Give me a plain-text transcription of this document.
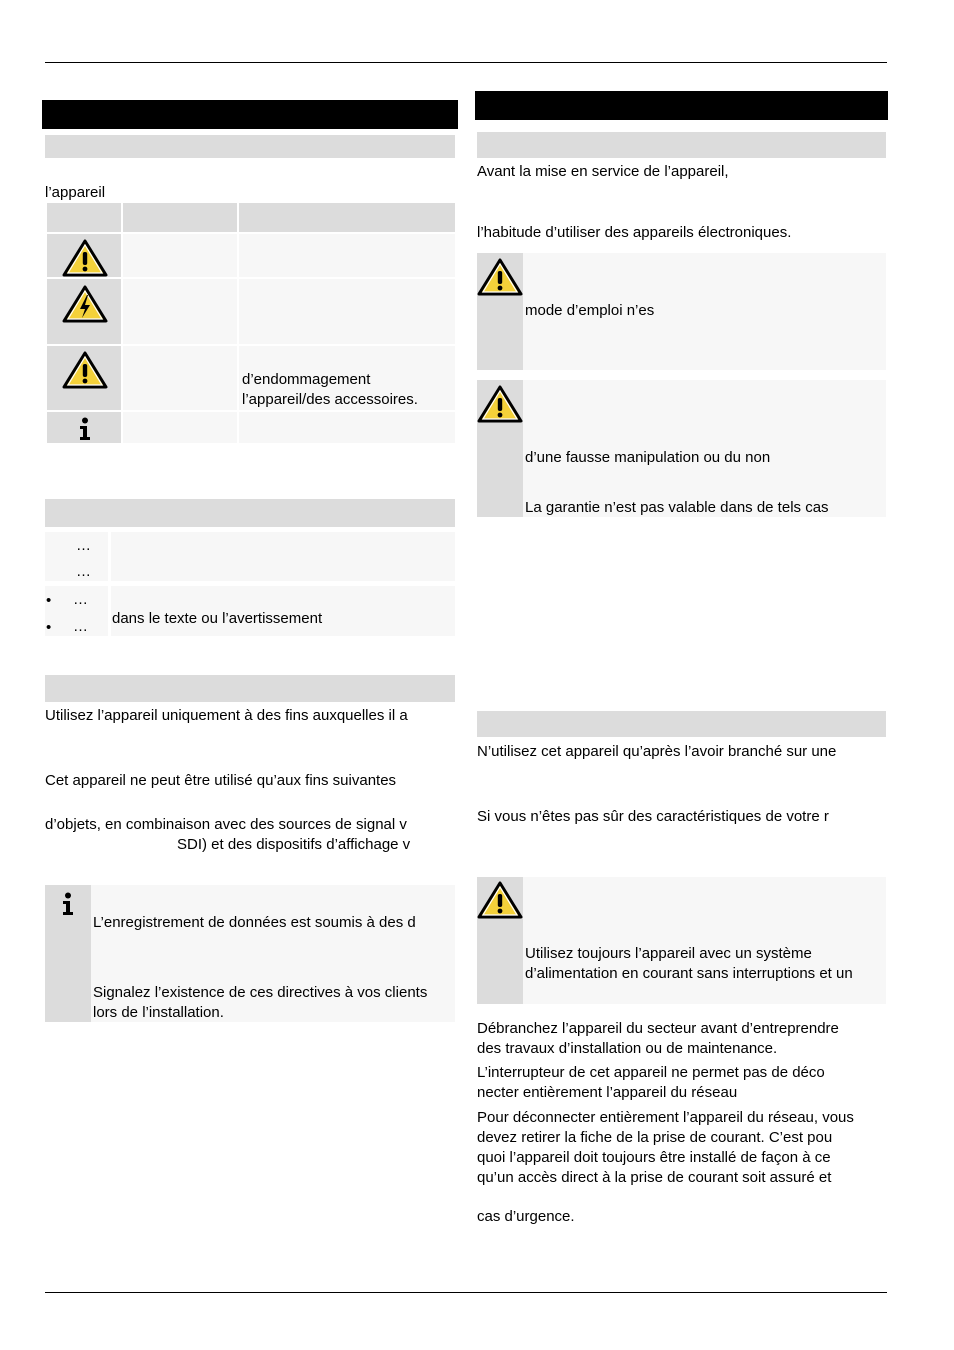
l’appareil
d’endommagement
l’appareil/des accessoires.
…
…
• …
• … dans le texte ou l’avertissement
Utilisez l’appareil uniquement à des fins auxquelles il a
Cet appareil ne peut être utilisé qu’aux fins suivantes
d’objets, en combinaison avec des sources de signal v
SDI) et des dispositifs d’affichage v
L’enregistrement de données est soumis à des d
Signalez l’existence de ces directives à vos clients
lors de l’installation.
Avant la mise en service de l’appareil,
l’habitude d’utiliser des appareils électroniques.
mode d’emploi n’es
d’une fausse manipulation ou du non
La garantie n’est pas valable dans de tels cas
N’utilisez cet appareil qu’après l’avoir branché sur une
Si vous n’êtes pas sûr des caractéristiques de votre r
Utilisez toujours l’appareil avec un système
d’alimentation en courant sans interruptions et un
Débranchez l’appareil du secteur avant d’entreprendre
des travaux d’installation ou de maintenance.
L’interrupteur de cet appareil ne permet pas de déco
necter entièrement l’appareil du réseau
Pour déconnecter entièrement l’appareil du réseau, vous
devez retirer la fiche de la prise de courant. C’est pou
quoi l’appareil doit toujours être installé de façon à ce
qu’un accès direct à la prise de courant soit assuré et
cas d’urgence.
